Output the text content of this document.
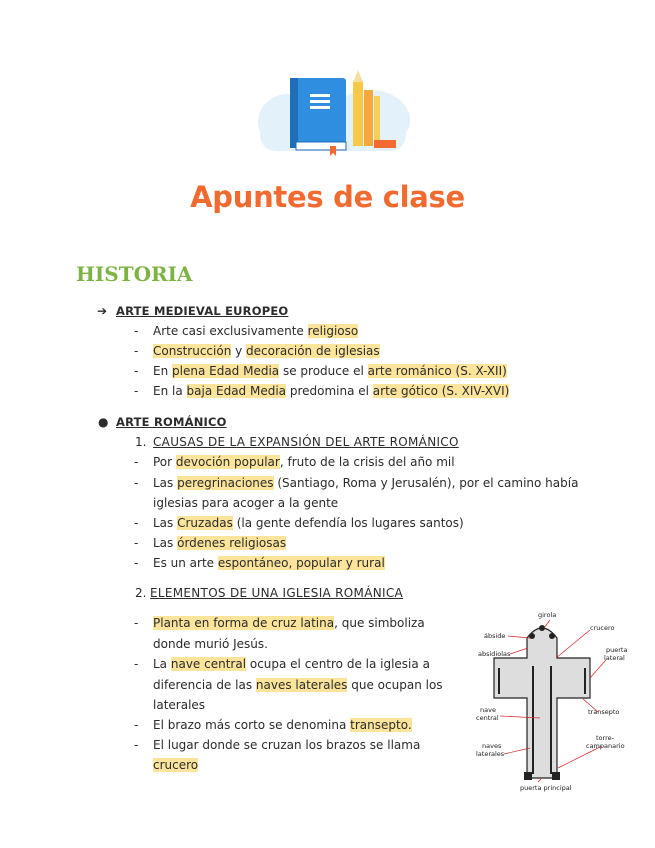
Apuntes de clase
HISTORIA
➔ ARTE MEDIEVAL EUROPEO
- Arte casi exclusivamente religioso
- Construcción y decoración de iglesias
- En plena Edad Media se produce el arte románico (S. X-XII)
- En la baja Edad Media predomina el arte gótico (S. XIV-XVI)
● ARTE ROMÁNICO
1. CAUSAS DE LA EXPANSIÓN DEL ARTE ROMÁNICO
- Por devoción popular, fruto de la crisis del año mil
- Las peregrinaciones (Santiago, Roma y Jerusalén), por el camino había
iglesias para acoger a la gente
- Las Cruzadas (la gente defendía los lugares santos)
- Las órdenes religiosas
- Es un arte espontáneo, popular y rural
2. ELEMENTOS DE UNA IGLESIA ROMÁNICA
- Planta en forma de cruz latina, que simboliza
donde murió Jesús.
- La nave central ocupa el centro de la iglesia a
diferencia de las naves laterales que ocupan los
laterales
- El brazo más corto se denomina transepto.
- El lugar donde se cruzan los brazos se llama
crucero
girola
crucero
ábside
absidiolas	puerta
lateral
transepto
nave
central
torre-
campanario
naves
laterales
puerta principal
